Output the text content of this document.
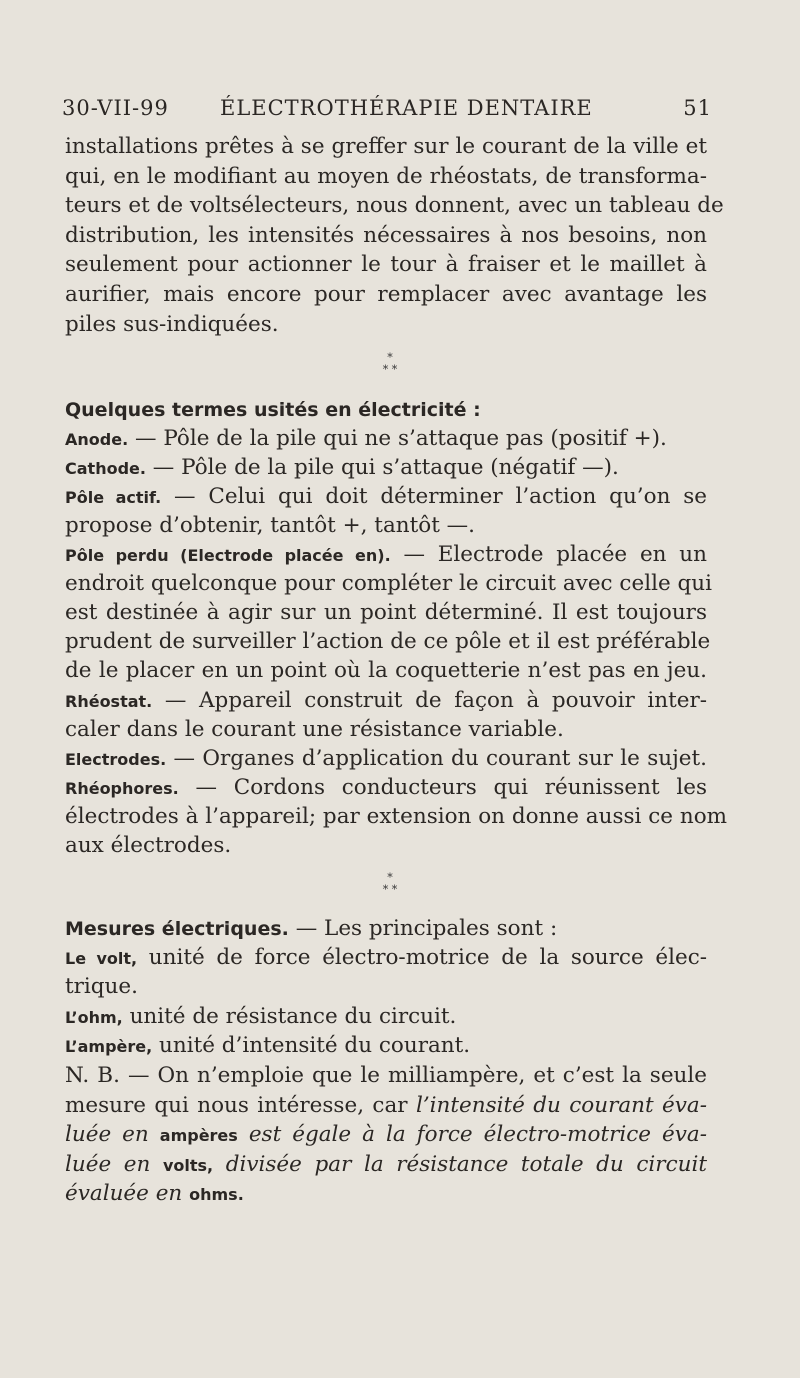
30-VII-99 ÉLECTROTHÉRAPIE DENTAIRE	51
installations prêtes à se greffer sur le courant de la ville et
qui, en le modifiant au moyen de rhéostats, de transforma-
teurs et de voltsélecteurs, nous donnent, avec un tableau de
distribution, les intensités nécessaires à nos besoins, non
seulement pour actionner le tour à fraiser et le maillet à
aurifier, mais encore pour remplacer avec avantage les
piles sus-indiquées.
*
* *
Quelques termes usités en électricité :
Anode. — Pôle de la pile qui ne s’attaque pas (positif +).
Cathode. — Pôle de la pile qui s’attaque (négatif —).
Pôle actif. — Celui qui doit déterminer l’action qu’on se
propose d’obtenir, tantôt +, tantôt —.
Pôle perdu (Electrode placée en). — Electrode placée en un
endroit quelconque pour compléter le circuit avec celle qui
est destinée à agir sur un point déterminé. Il est toujours
prudent de surveiller l’action de ce pôle et il est préférable
de le placer en un point où la coquetterie n’est pas en jeu.
Rhéostat. — Appareil construit de façon à pouvoir inter-
caler dans le courant une résistance variable.
Electrodes. — Organes d’application du courant sur le sujet.
Rhéophores. — Cordons conducteurs qui réunissent les
électrodes à l’appareil; par extension on donne aussi ce nom
aux électrodes.
*
* *
Mesures électriques. — Les principales sont :
Le volt, unité de force électro-motrice de la source élec-
trique.
L’ohm, unité de résistance du circuit.
L’ampère, unité d’intensité du courant.
N. B. — On n’emploie que le milliampère, et c’est la seule
mesure qui nous intéresse, car l’intensité du courant éva-
luée en ampères est égale à la force électro-motrice éva-
luée en volts, divisée par la résistance totale du circuit
évaluée en ohms.
